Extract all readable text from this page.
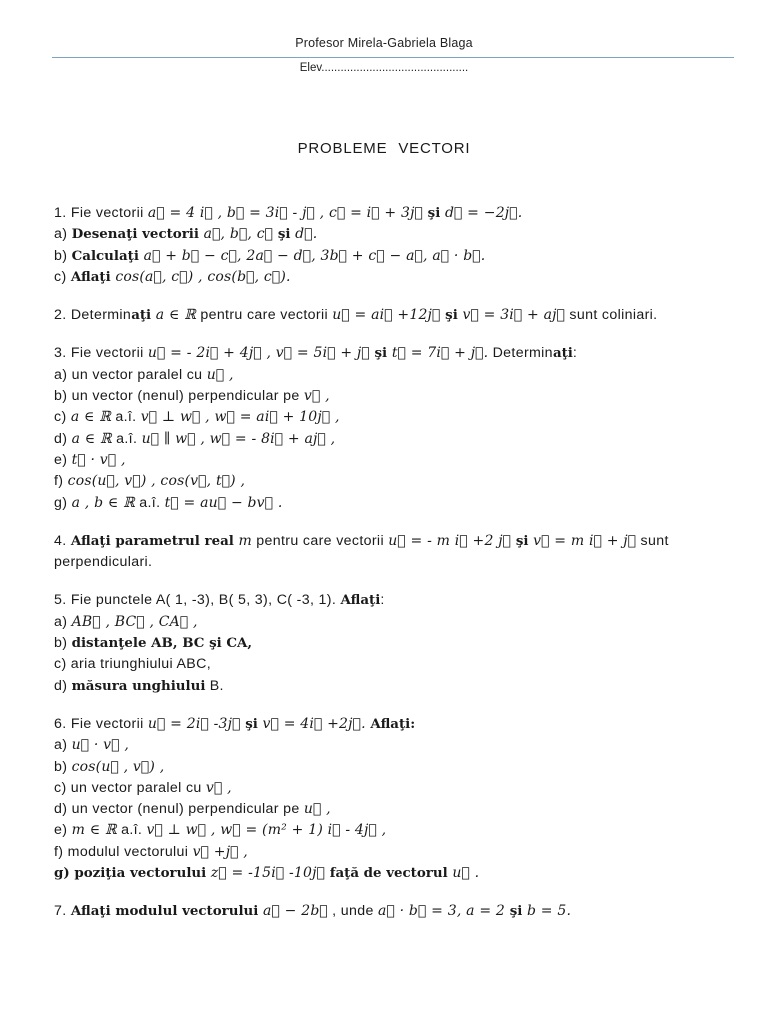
Profesor Mirela-Gabriela Blaga
Elev..............................................
PROBLEME VECTORI
1. Fie vectorii a⃗ = 4 i⃗ , b⃗ = 3i⃗ - j⃗ , c⃗ = i⃗ + 3j⃗ şi d⃗ = −2j⃗.
a) Desenaţi vectorii a⃗, b⃗, c⃗ şi d⃗.
b) Calculaţi a⃗ + b⃗ − c⃗, 2a⃗ − d⃗, 3b⃗ + c⃗ − a⃗, a⃗ · b⃗.
c) Aflaţi cos(a⃗, c⃗) , cos(b⃗, c⃗).
2. Determinaţi a ∈ ℝ pentru care vectorii u⃗ = ai⃗ +12j⃗ şi v⃗ = 3i⃗ + aj⃗ sunt coliniari.
3. Fie vectorii u⃗ = - 2i⃗ + 4j⃗ , v⃗ = 5i⃗ + j⃗ şi t⃗ = 7i⃗ + j⃗. Determinaţi:
a) un vector paralel cu u⃗ ,
b) un vector (nenul) perpendicular pe v⃗ ,
c) a ∈ ℝ a.î. v⃗ ⊥ w⃗ , w⃗ = ai⃗ + 10j⃗ ,
d) a ∈ ℝ a.î. u⃗ ∥ w⃗ , w⃗ = - 8i⃗ + aj⃗ ,
e) t⃗ · v⃗ ,
f) cos(u⃗, v⃗) , cos(v⃗, t⃗) ,
g) a , b ∈ ℝ a.î. t⃗ = au⃗ − bv⃗ .
4. Aflaţi parametrul real m pentru care vectorii u⃗ = - m i⃗ +2 j⃗ şi v⃗ = m i⃗ + j⃗ sunt
perpendiculari.
5. Fie punctele A( 1, -3), B( 5, 3), C( -3, 1). Aflaţi:
a) AB⃗ , BC⃗ , CA⃗ ,
b) distanţele AB, BC şi CA,
c) aria triunghiului ABC,
d) măsura unghiului B.
6. Fie vectorii u⃗ = 2i⃗ -3j⃗ şi v⃗ = 4i⃗ +2j⃗. Aflaţi:
a) u⃗ · v⃗ ,
b) cos(u⃗ , v⃗) ,
c) un vector paralel cu v⃗ ,
d) un vector (nenul) perpendicular pe u⃗ ,
e) m ∈ ℝ a.î. v⃗ ⊥ w⃗ , w⃗ = (m² + 1) i⃗ - 4j⃗ ,
f) modulul vectorului v⃗ +j⃗ ,
g) poziţia vectorului z⃗ = -15i⃗ -10j⃗ faţă de vectorul u⃗ .
7. Aflaţi modulul vectorului a⃗ − 2b⃗ , unde a⃗ · b⃗ = 3, a = 2 şi b = 5.
